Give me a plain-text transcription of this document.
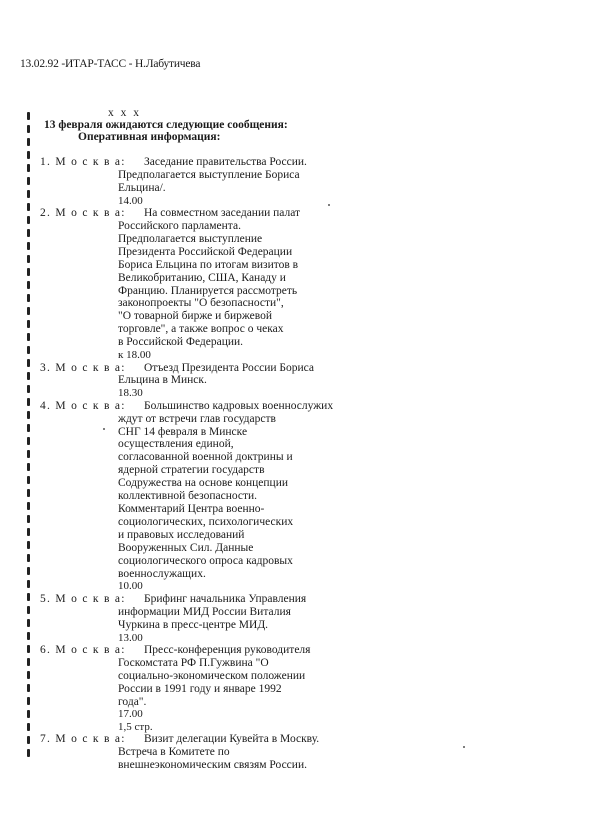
13.02.92 -ИТАР-ТАСС - Н.Лабутичева
x x x
13 февраля ожидаются следующие сообщения:
Оперативная информация:
1. М о с к в а:	Заседание правительства России.
Предполагается выступление Бориса
Ельцина/.
14.00
2. М о с к в а:	На совместном заседании палат
Российского парламента.
Предполагается выступление
Президента Российской Федерации
Бориса Ельцина по итогам визитов в
Великобританию, США, Канаду и
Францию. Планируется рассмотреть
законопроекты "О безопасности",
"О товарной бирже и биржевой
торговле", а также вопрос о чеках
в Российской Федерации.
к 18.00
3. М о с к в а:	Отъезд Президента России Бориса
Ельцина в Минск.
18.30
4. М о с к в а:	Большинство кадровых военнослужих
ждут от встречи глав государств
СНГ 14 февраля в Минске
осуществления единой,
согласованной военной доктрины и
ядерной стратегии государств
Содружества на основе концепции
коллективной безопасности.
Комментарий Центра военно-
социологических, психологических
и правовых исследований
Вооруженных Сил. Данные
социологического опроса кадровых
военнослужащих.
10.00
5. М о с к в а:	Брифинг начальника Управления
информации МИД России Виталия
Чуркина в пресс-центре МИД.
13.00
6. М о с к в а:	Пресс-конференция руководителя
Госкомстата РФ П.Гужвина "О
социально-экономическом положении
России в 1991 году и январе 1992
года".
17.00
1,5 стр.
7. М о с к в а:	Визит делегации Кувейта в Москву.
Встреча в Комитете по
внешнеэкономическим связям России.
